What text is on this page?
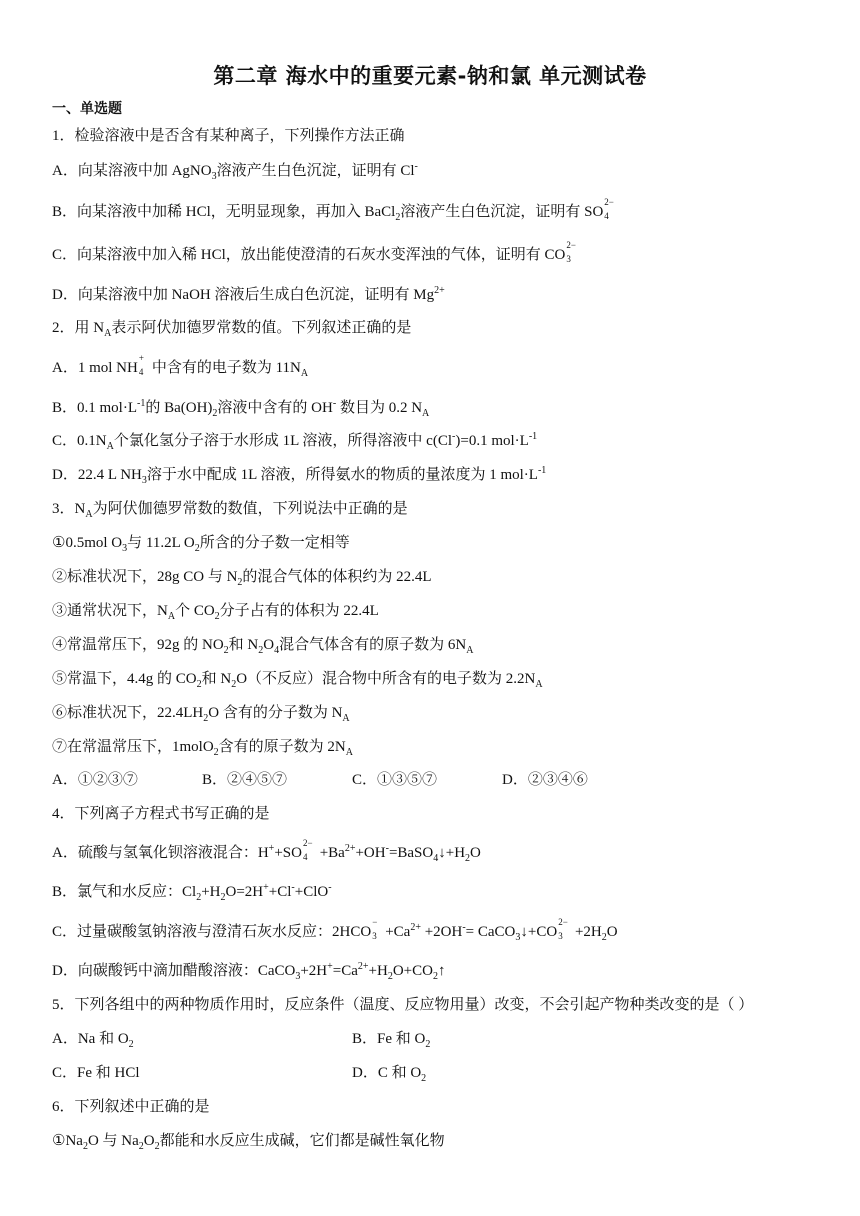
第二章 海水中的重要元素-钠和氯 单元测试卷
一、单选题
1．检验溶液中是否含有某种离子，下列操作方法正确
A．向某溶液中加 AgNO$_3$溶液产生白色沉淀，证明有 Cl-
B．向某溶液中加稀 HCl，无明显现象，再加入 BaCl$_2$溶液产生白色沉淀，证明有 SO
2−
4
C．向某溶液中加入稀 HCl，放出能使澄清的石灰水变浑浊的气体，证明有 CO
2−
3
D．向某溶液中加 NaOH 溶液后生成白色沉淀，证明有 $Mg^{2+}$
2．用 $N_A$表示阿伏加德罗常数的值。下列叙述正确的是
A．1 mol NH
+
4 中含有的电子数为 $11N_A$
B．0.1 $mol\cdot L^{-1}$的 $Ba(OH)_2$溶液中含有的 OH- 数目为 0.2 $N_A$
C．$0.1N_A$个氯化氢分子溶于水形成 1L 溶液，所得溶液中 c(Cl-)=0.1 $mol\cdot L^{-1}$
D．22.4 L $NH_3$溶于水中配成 1L 溶液，所得氨水的物质的量浓度为 1 $mol\cdot L^{-1}$
3．$N_A$为阿伏伽德罗常数的数值，下列说法中正确的是
①0.5mol $O_3$与 11.2L $O_2$所含的分子数一定相等
②标准状况下，28g CO 与 $N_2$的混合气体的体积约为 22.4L
③通常状况下，$N_A$个 $CO_2$分子占有的体积为 22.4L
④常温常压下，92g 的 $NO_2$和 $N_2O_4$混合气体含有的原子数为 $6N_A$
⑤常温下，4.4g 的 $CO_2$和 $N_2O$（不反应）混合物中所含有的电子数为 $2.2N_A$
⑥标准状况下，$22.4LH_2O$ 含有的分子数为 $N_A$
⑦在常温常压下，1molO$_2$含有的原子数为 $2N_A$
A．①②③⑦	B．②④⑤⑦	C．①③⑤⑦	D．②③④⑥
4．下列离子方程式书写正确的是
A．硫酸与氢氧化钡溶液混合：H++SO
2−
$4 +Ba^{2+}+OH^-=BaSO_4↓+H_2O$
B．氯气和水反应：$Cl_2+H_2O=2H^++Cl^-+ClO^-$
C．过量碳酸氢钠溶液与澄清石灰水反应：2HCO
−
$3 +Ca^{2+} +2OH^-=$ CaCO$_3$↓+CO
2−
$3 +2H_2O$
D．向碳酸钙中滴加醋酸溶液：$CaCO_3+2H^+=Ca^{2+}+H_2O+CO_2↑$
5．下列各组中的两种物质作用时，反应条件（温度、反应物用量）改变，不会引起产物种类改变的是（ ）
A．Na 和 $O_2$	B．Fe 和 $O_2$
C．Fe 和 HCl	D．C 和 $O_2$
6．下列叙述中正确的是
$①Na_2O$ 与 $Na_2O_2$都能和水反应生成碱，它们都是碱性氧化物
